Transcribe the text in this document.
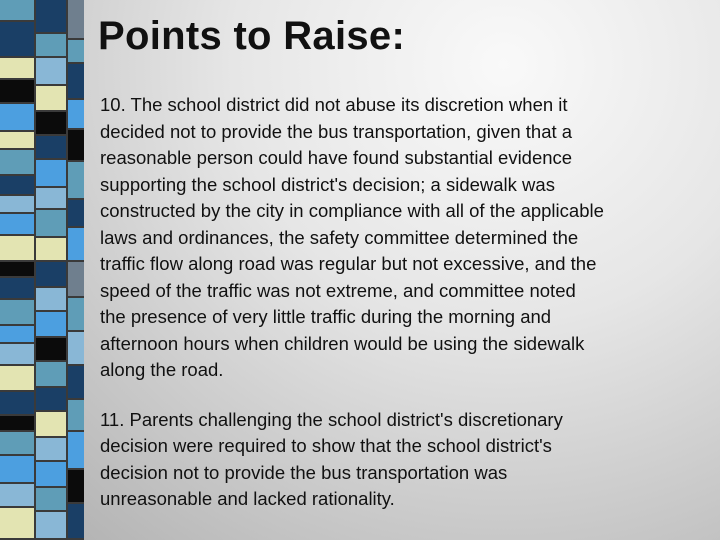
Points to Raise:

10. The school district did not abuse its discretion when it
decided not to provide the bus transportation, given that a
reasonable person could have found substantial evidence
supporting the school district's decision; a sidewalk was
constructed by the city in compliance with all of the applicable
laws and ordinances, the safety committee determined the
traffic flow along road was regular but not excessive, and the
speed of the traffic was not extreme, and committee noted
the presence of very little traffic during the morning and
afternoon hours when children would be using the sidewalk
along the road.

11. Parents challenging the school district's discretionary
decision were required to show that the school district's
decision not to provide the bus transportation was
unreasonable and lacked rationality.
